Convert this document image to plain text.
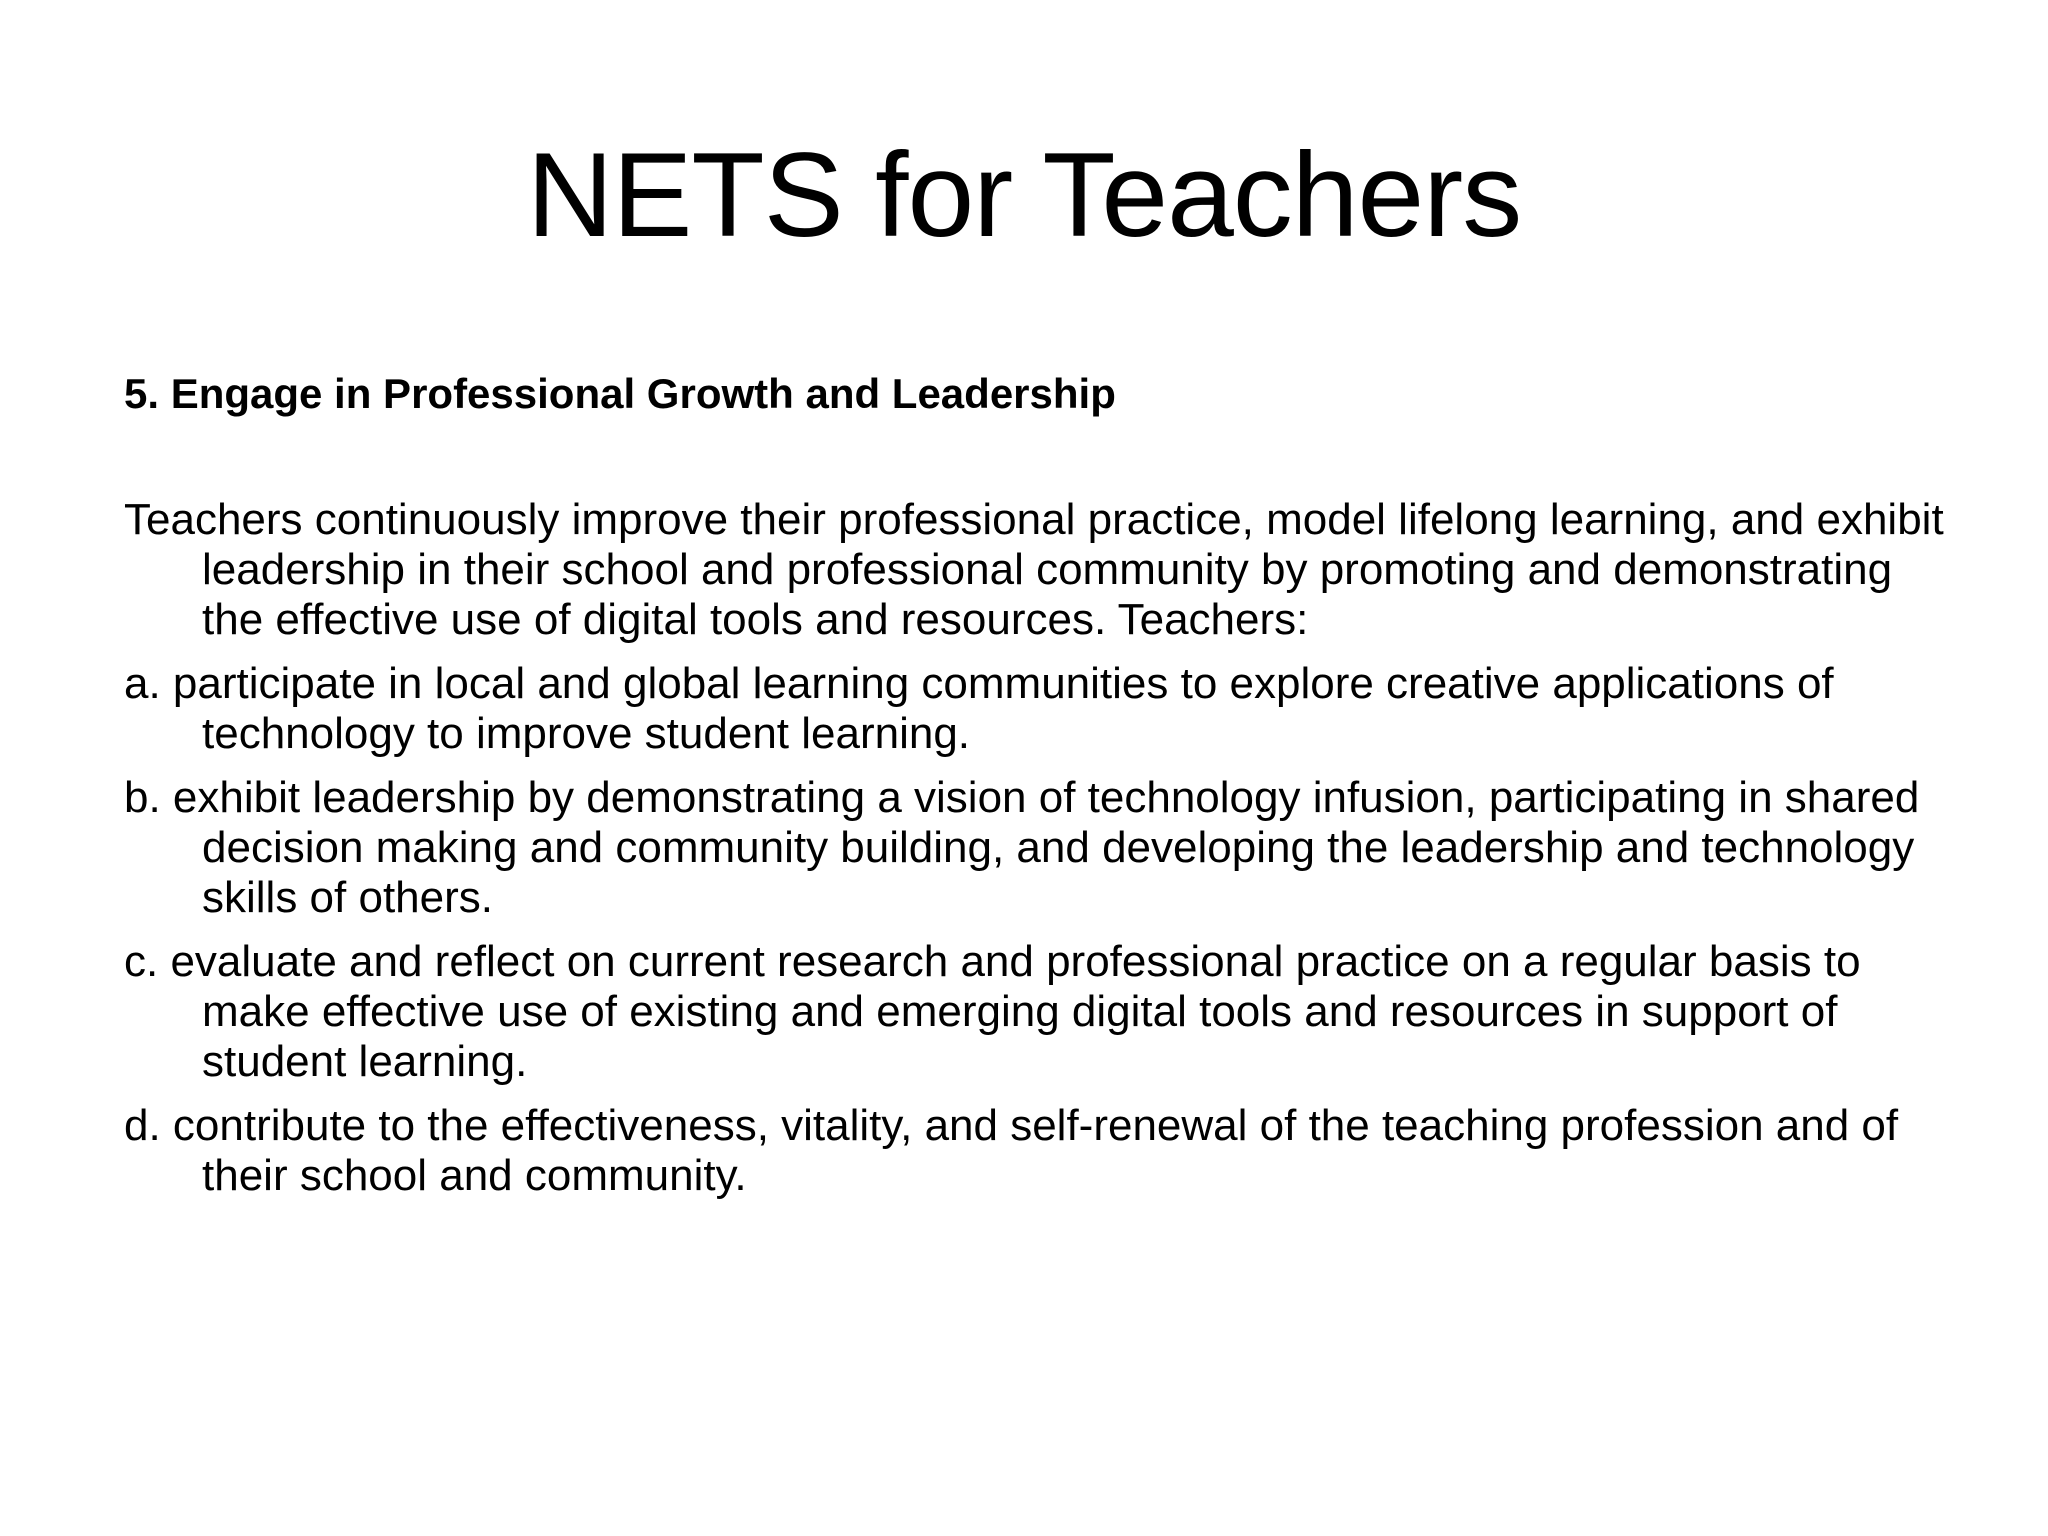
NETS for Teachers

5. Engage in Professional Growth and Leadership

Teachers continuously improve their professional practice, model lifelong learning, and exhibit leadership in their school and professional community by promoting and demonstrating the effective use of digital tools and resources. Teachers:

a. participate in local and global learning communities to explore creative applications of technology to improve student learning.

b. exhibit leadership by demonstrating a vision of technology infusion, participating in shared decision making and community building, and developing the leadership and technology skills of others.

c. evaluate and reflect on current research and professional practice on a regular basis to make effective use of existing and emerging digital tools and resources in support of student learning.

d. contribute to the effectiveness, vitality, and self-renewal of the teaching profession and of their school and community.
